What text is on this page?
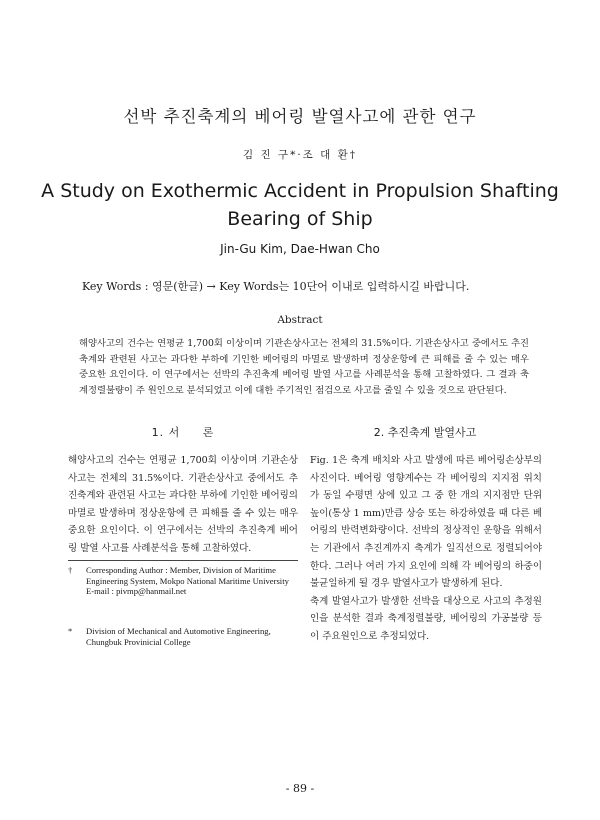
선박 추진축계의 베어링 발열사고에 관한 연구
김 진 구*·조 대 환†
A Study on Exothermic Accident in Propulsion Shafting
Bearing of Ship
Jin-Gu Kim, Dae-Hwan Cho
Key Words : 영문(한글) → Key Words는 10단어 이내로 입력하시길 바랍니다.
Abstract
해양사고의 건수는 연평균 1,700회 이상이며 기관손상사고는 전체의 31.5%이다. 기관손상사고 중에서도 추진축계와 관련된 사고는 과다한 부하에 기인한 베어링의 마멸로 발생하며 정상운항에 큰 피해를 줄 수 있는 매우 중요한 요인이다. 이 연구에서는 선박의 추진축계 베어링 발열 사고를 사례분석을 통해 고찰하였다. 그 결과 축계정렬불량이 주 원인으로 분석되었고 이에 대한 주기적인 점검으로 사고를 줄일 수 있을 것으로 판단된다.
1. 서     론	2. 추진축계 발열사고
해양사고의 건수는 연평균 1,700회 이상이며 기관손상사고는 전체의 31.5%이다. 기관손상사고 중에서도 추진축계와 관련된 사고는 과다한 부하에 기인한 베어링의 마멸로 발생하며 정상운항에 큰 피해를 줄 수 있는 매우 중요한 요인이다. 이 연구에서는 선박의 추진축계 베어링 발열 사고를 사례분석을 통해 고찰하였다.
Fig. 1은 축계 배치와 사고 발생에 따른 베어링손상부의 사진이다. 베어링 영향계수는 각 베어링의 지지점 위치가 동일 수평면 상에 있고 그 중 한 개의 지지점만 단위높이(통상 1 mm)만큼 상승 또는 하강하였을 때 다른 베어링의 반력변화량이다. 선박의 정상적인 운항을 위해서는 기관에서 추진계까지 축계가 일직선으로 정렬되어야 한다. 그러나 여러 가지 요인에 의해 각 베어링의 하중이 불균일하게 될 경우 발열사고가 발생하게 된다.
축계 발열사고가 발생한 선박을 대상으로 사고의 추정원인을 분석한 결과 축계정렬불량, 베어링의 가공불량 등이 주요원인으로 추정되었다.
†	Corresponding Author : Member, Division of Maritime Engineering System, Mokpo National Maritime University
E-mail : pivmp@hanmail.net
*	Division of Mechanical and Automotive Engineering, Chungbuk Provinicial College
- 89 -
